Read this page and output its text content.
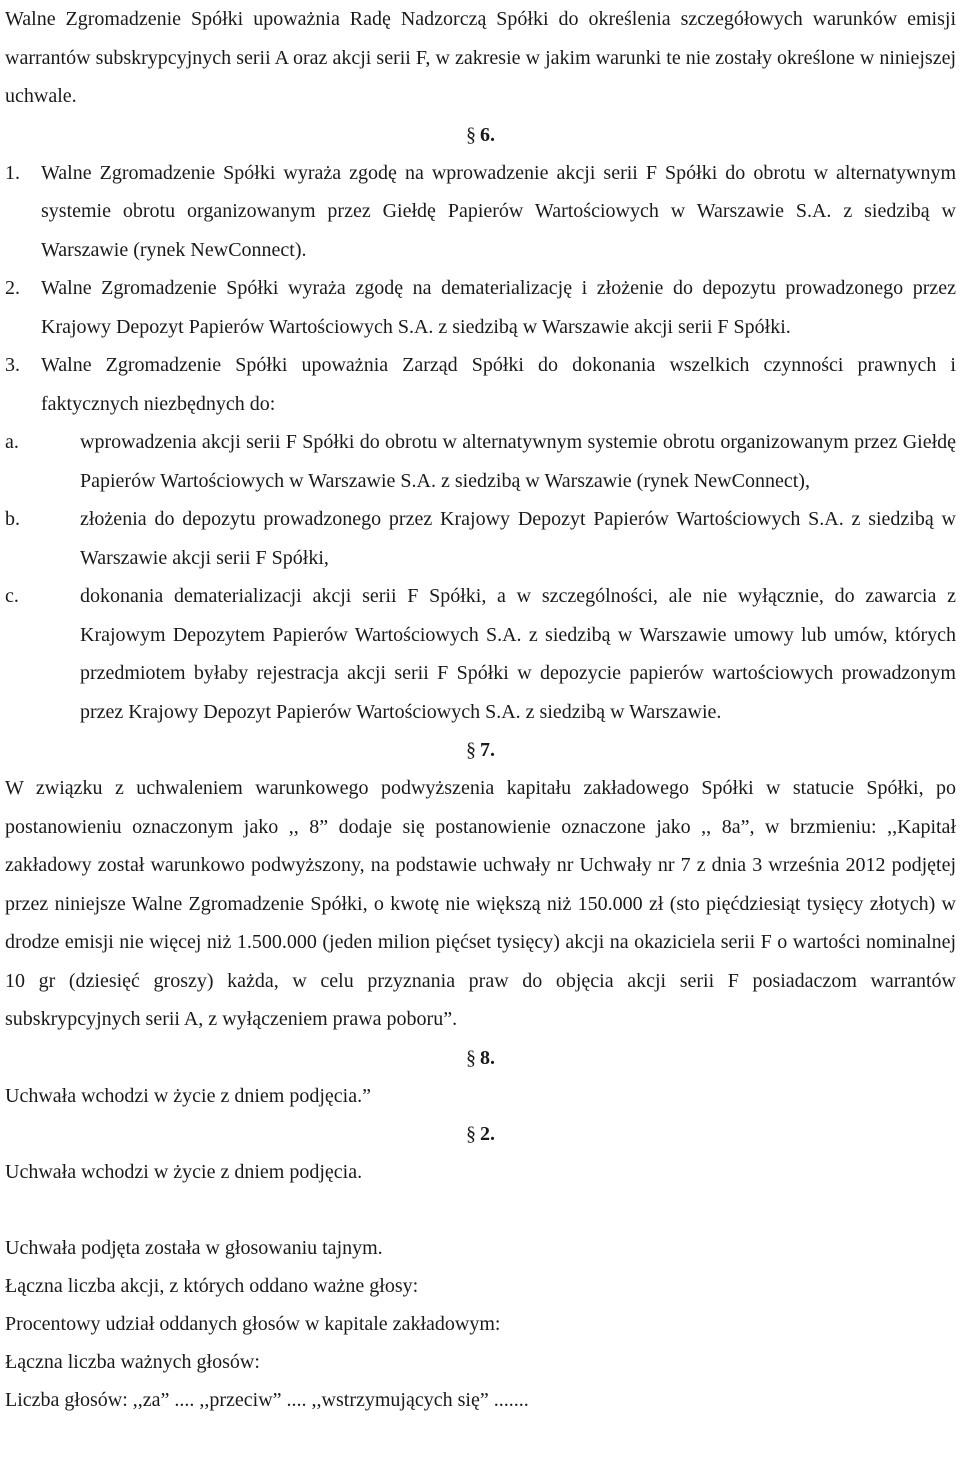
Walne Zgromadzenie Spółki upoważnia Radę Nadzorczą Spółki do określenia szczegółowych warunków emisji warrantów subskrypcyjnych serii A oraz akcji serii F, w zakresie w jakim warunki te nie zostały określone w niniejszej uchwale.

§ 6.
1.	Walne Zgromadzenie Spółki wyraża zgodę na wprowadzenie akcji serii F Spółki do obrotu w alternatywnym systemie obrotu organizowanym przez Giełdę Papierów Wartościowych w Warszawie S.A. z siedzibą w Warszawie (rynek NewConnect).
2.	Walne Zgromadzenie Spółki wyraża zgodę na dematerializację i złożenie do depozytu prowadzonego przez Krajowy Depozyt Papierów Wartościowych S.A. z siedzibą w Warszawie akcji serii F Spółki.
3.	Walne Zgromadzenie Spółki upoważnia Zarząd Spółki do dokonania wszelkich czynności prawnych i faktycznych niezbędnych do:
a.	wprowadzenia akcji serii F Spółki do obrotu w alternatywnym systemie obrotu organizowanym przez Giełdę Papierów Wartościowych w Warszawie S.A. z siedzibą w Warszawie (rynek NewConnect),
b.	złożenia do depozytu prowadzonego przez Krajowy Depozyt Papierów Wartościowych S.A. z siedzibą w Warszawie akcji serii F Spółki,
c.	dokonania dematerializacji akcji serii F Spółki, a w szczególności, ale nie wyłącznie, do zawarcia z Krajowym Depozytem Papierów Wartościowych S.A. z siedzibą w Warszawie umowy lub umów, których przedmiotem byłaby rejestracja akcji serii F Spółki w depozycie papierów wartościowych prowadzonym przez Krajowy Depozyt Papierów Wartościowych S.A. z siedzibą w Warszawie.
§ 7.

W związku z uchwaleniem warunkowego podwyższenia kapitału zakładowego Spółki w statucie Spółki, po postanowieniu oznaczonym jako ,, 8” dodaje się postanowienie oznaczone jako ,, 8a”, w brzmieniu: ,,Kapitał zakładowy został warunkowo podwyższony, na podstawie uchwały nr Uchwały nr 7 z dnia 3 września 2012 podjętej przez niniejsze Walne Zgromadzenie Spółki, o kwotę nie większą niż 150.000 zł (sto pięćdziesiąt tysięcy złotych) w drodze emisji nie więcej niż 1.500.000 (jeden milion pięćset tysięcy) akcji na okaziciela serii F o wartości nominalnej 10 gr (dziesięć groszy) każda, w celu przyznania praw do objęcia akcji serii F posiadaczom warrantów subskrypcyjnych serii A, z wyłączeniem prawa poboru”.

§ 8.

Uchwała wchodzi w życie z dniem podjęcia.”

§ 2.

Uchwała wchodzi w życie z dniem podjęcia.

Uchwała podjęta została w głosowaniu tajnym.

Łączna liczba akcji, z których oddano ważne głosy:

Procentowy udział oddanych głosów w kapitale zakładowym:

Łączna liczba ważnych głosów:

Liczba głosów: ,,za” .... ,,przeciw” .... ,,wstrzymujących się” .......
